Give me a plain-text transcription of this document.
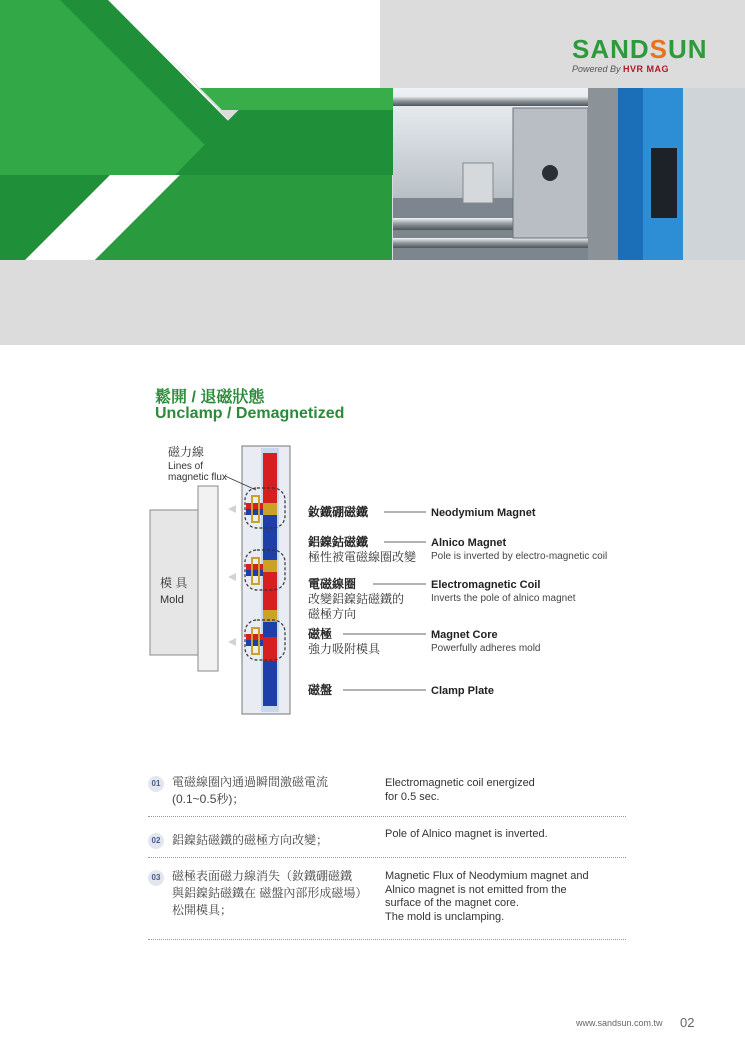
SANDSUN
Powered By HVR MAG
鬆開 / 退磁狀態
Unclamp / Demagnetized
磁力線
Lines of
magnetic flux
模 具
Mold
釹鐵硼磁鐵	Neodymium Magnet
鋁鎳鈷磁鐵
極性被電磁線圈改變
Alnico Magnet
Pole is inverted by electro-magnetic coil
電磁線圈
改變鋁鎳鈷磁鐵的
磁極方向
Electromagnetic Coil
Inverts the pole of alnico magnet
磁極
強力吸附模具
Magnet Core
Powerfully adheres mold
磁盤	Clamp Plate
01 電磁線圈內通過瞬間激磁電流
(0.1~0.5秒)；
Electromagnetic coil energized
for 0.5 sec.
02 鋁鎳鈷磁鐵的磁極方向改變；	Pole of Alnico magnet is inverted.
03 磁極表面磁力線消失（釹鐵硼磁鐵
與鋁鎳鈷磁鐵在 磁盤內部形成磁場）
松開模具；
Magnetic Flux of Neodymium magnet and
Alnico magnet is not emitted from the
surface of the magnet core.
The mold is unclamping.
www.sandsun.com.tw 02
